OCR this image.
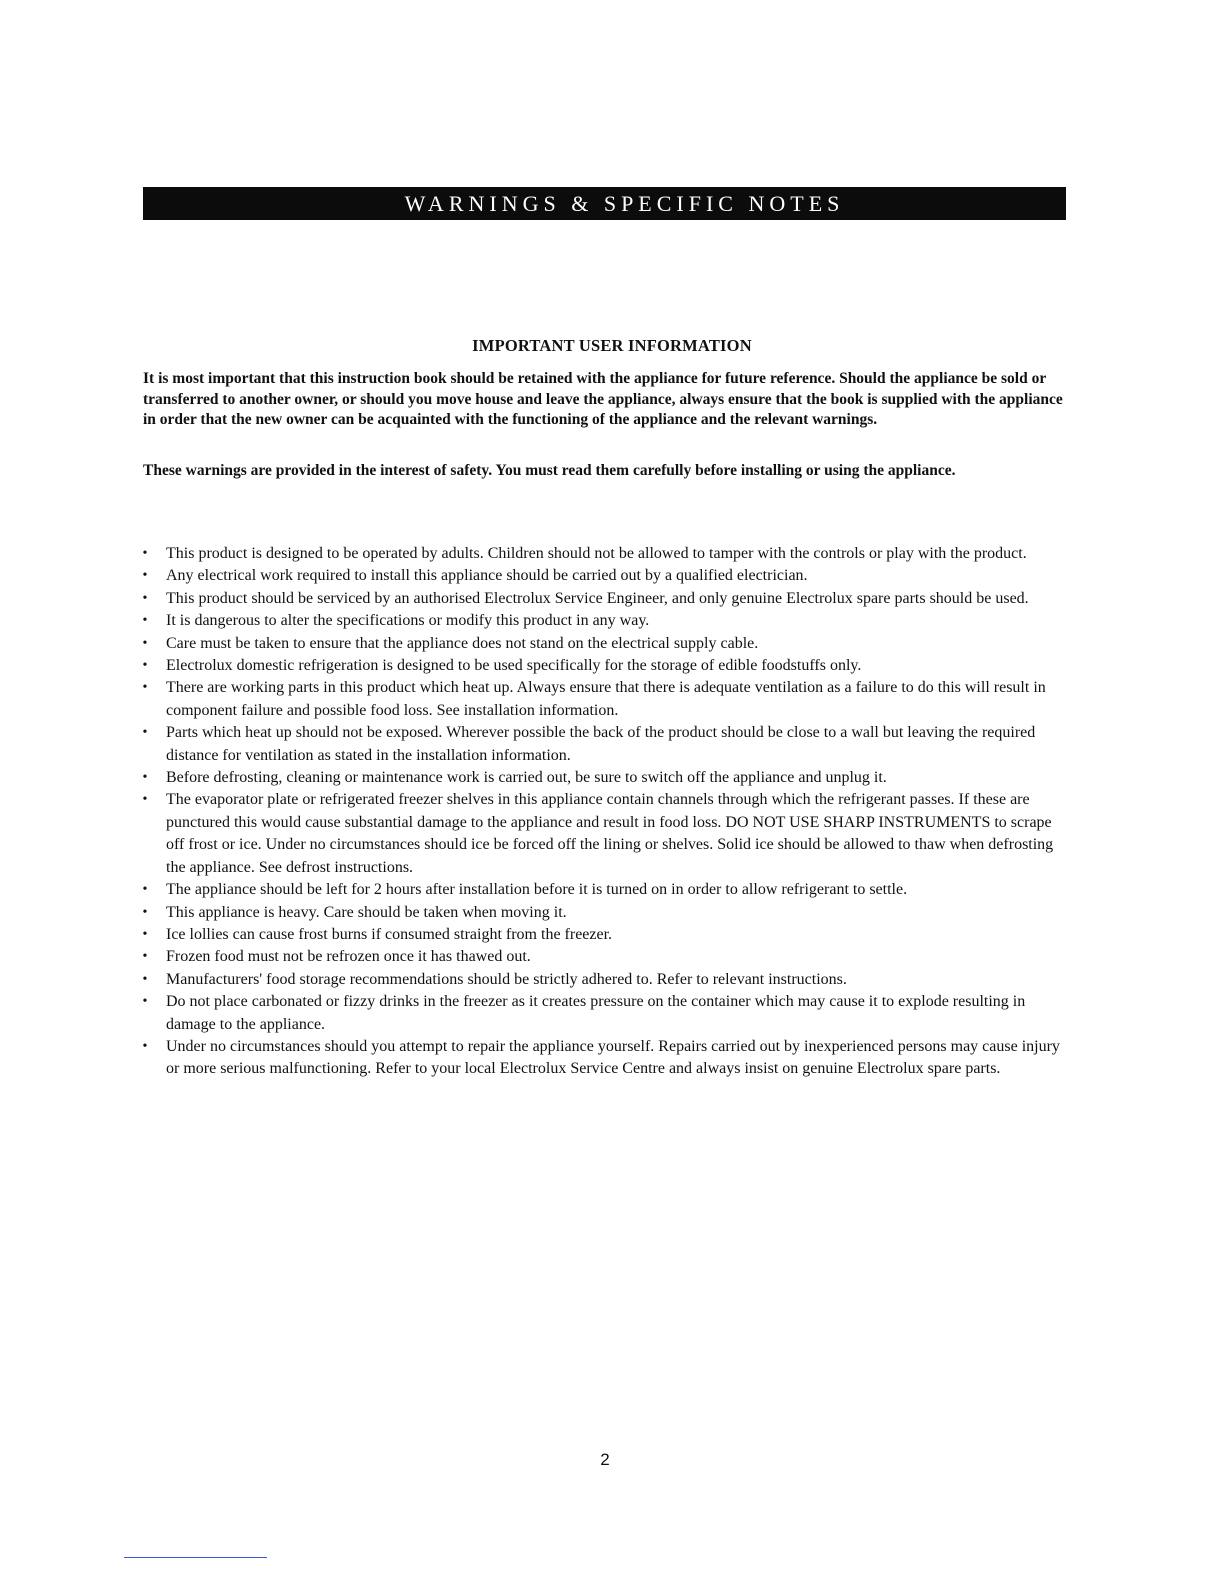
WARNINGS & SPECIFIC NOTES
IMPORTANT USER INFORMATION

It is most important that this instruction book should be retained with the appliance for future reference. Should the appliance be sold or transferred to another owner, or should you move house and leave the appliance, always ensure that the book is supplied with the appliance in order that the new owner can be acquainted with the functioning of the appliance and the relevant warnings.

These warnings are provided in the interest of safety. You must read them carefully before installing or using the appliance.

• This product is designed to be operated by adults. Children should not be allowed to tamper with the controls or play with the product.
• Any electrical work required to install this appliance should be carried out by a qualified electrician.
• This product should be serviced by an authorised Electrolux Service Engineer, and only genuine Electrolux spare parts should be used.
• It is dangerous to alter the specifications or modify this product in any way.
• Care must be taken to ensure that the appliance does not stand on the electrical supply cable.
• Electrolux domestic refrigeration is designed to be used specifically for the storage of edible foodstuffs only.
• There are working parts in this product which heat up. Always ensure that there is adequate ventilation as a failure to do this will result in component failure and possible food loss. See installation information.
• Parts which heat up should not be exposed. Wherever possible the back of the product should be close to a wall but leaving the required distance for ventilation as stated in the installation information.
• Before defrosting, cleaning or maintenance work is carried out, be sure to switch off the appliance and unplug it.
• The evaporator plate or refrigerated freezer shelves in this appliance contain channels through which the refrigerant passes. If these are punctured this would cause substantial damage to the appliance and result in food loss. DO NOT USE SHARP INSTRUMENTS to scrape off frost or ice. Under no circumstances should ice be forced off the lining or shelves. Solid ice should be allowed to thaw when defrosting the appliance. See defrost instructions.
• The appliance should be left for 2 hours after installation before it is turned on in order to allow refrigerant to settle.
• This appliance is heavy. Care should be taken when moving it.
• Ice lollies can cause frost burns if consumed straight from the freezer.
• Frozen food must not be refrozen once it has thawed out.
• Manufacturers' food storage recommendations should be strictly adhered to. Refer to relevant instructions.
• Do not place carbonated or fizzy drinks in the freezer as it creates pressure on the container which may cause it to explode resulting in damage to the appliance.
• Under no circumstances should you attempt to repair the appliance yourself. Repairs carried out by inexperienced persons may cause injury or more serious malfunctioning. Refer to your local Electrolux Service Centre and always insist on genuine Electrolux spare parts.
2
